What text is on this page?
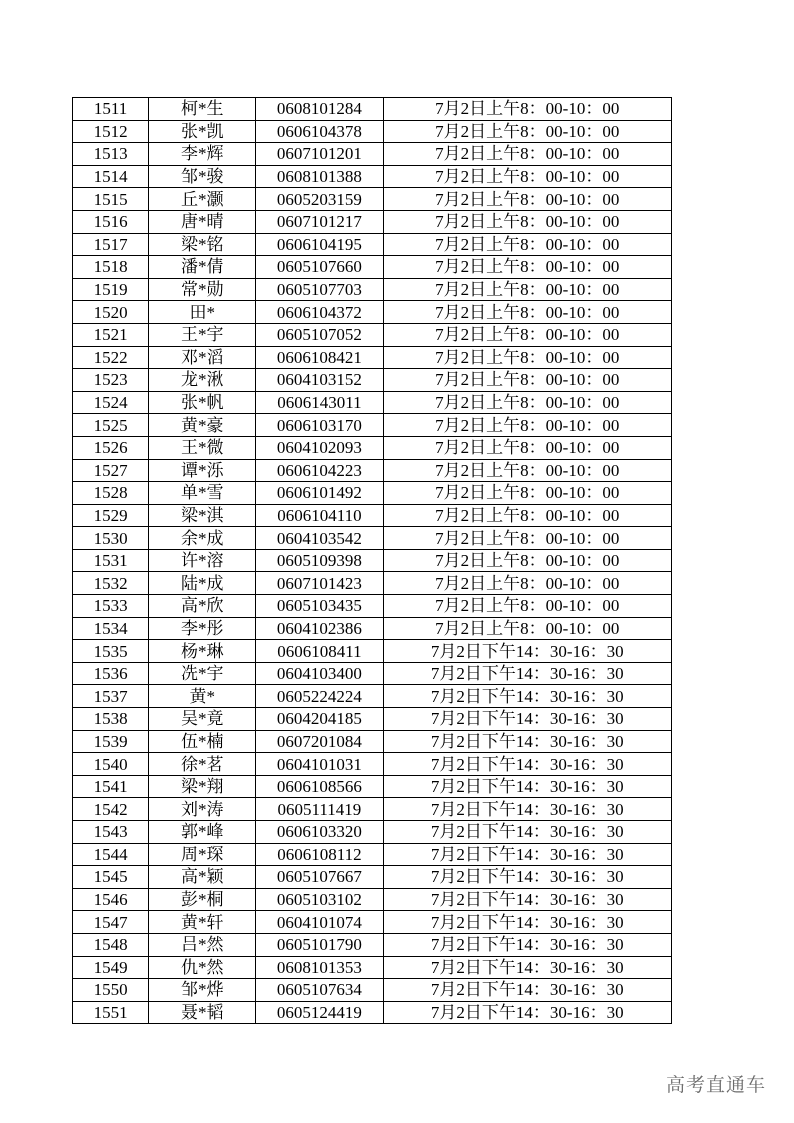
1511	柯*生	0608101284	7月2日上午8：00-10：00
1512	张*凯	0606104378	7月2日上午8：00-10：00
1513	李*辉	0607101201	7月2日上午8：00-10：00
1514	邹*骏	0608101388	7月2日上午8：00-10：00
1515	丘*灏	0605203159	7月2日上午8：00-10：00
1516	唐*晴	0607101217	7月2日上午8：00-10：00
1517	梁*铭	0606104195	7月2日上午8：00-10：00
1518	潘*倩	0605107660	7月2日上午8：00-10：00
1519	常*勋	0605107703	7月2日上午8：00-10：00
1520	田*	0606104372	7月2日上午8：00-10：00
1521	王*宇	0605107052	7月2日上午8：00-10：00
1522	邓*滔	0606108421	7月2日上午8：00-10：00
1523	龙*湫	0604103152	7月2日上午8：00-10：00
1524	张*帆	0606143011	7月2日上午8：00-10：00
1525	黄*豪	0606103170	7月2日上午8：00-10：00
1526	王*微	0604102093	7月2日上午8：00-10：00
1527	谭*泺	0606104223	7月2日上午8：00-10：00
1528	单*雪	0606101492	7月2日上午8：00-10：00
1529	梁*淇	0606104110	7月2日上午8：00-10：00
1530	余*成	0604103542	7月2日上午8：00-10：00
1531	许*溶	0605109398	7月2日上午8：00-10：00
1532	陆*成	0607101423	7月2日上午8：00-10：00
1533	高*欣	0605103435	7月2日上午8：00-10：00
1534	李*彤	0604102386	7月2日上午8：00-10：00
1535	杨*琳	0606108411	7月2日下午14：30-16：30
1536	冼*宇	0604103400	7月2日下午14：30-16：30
1537	黄*	0605224224	7月2日下午14：30-16：30
1538	吴*竟	0604204185	7月2日下午14：30-16：30
1539	伍*楠	0607201084	7月2日下午14：30-16：30
1540	徐*茗	0604101031	7月2日下午14：30-16：30
1541	梁*翔	0606108566	7月2日下午14：30-16：30
1542	刘*涛	0605111419	7月2日下午14：30-16：30
1543	郭*峰	0606103320	7月2日下午14：30-16：30
1544	周*琛	0606108112	7月2日下午14：30-16：30
1545	高*颖	0605107667	7月2日下午14：30-16：30
1546	彭*桐	0605103102	7月2日下午14：30-16：30
1547	黄*轩	0604101074	7月2日下午14：30-16：30
1548	吕*然	0605101790	7月2日下午14：30-16：30
1549	仇*然	0608101353	7月2日下午14：30-16：30
1550	邹*烨	0605107634	7月2日下午14：30-16：30
1551	聂*韬	0605124419	7月2日下午14：30-16：30
高考直通车
